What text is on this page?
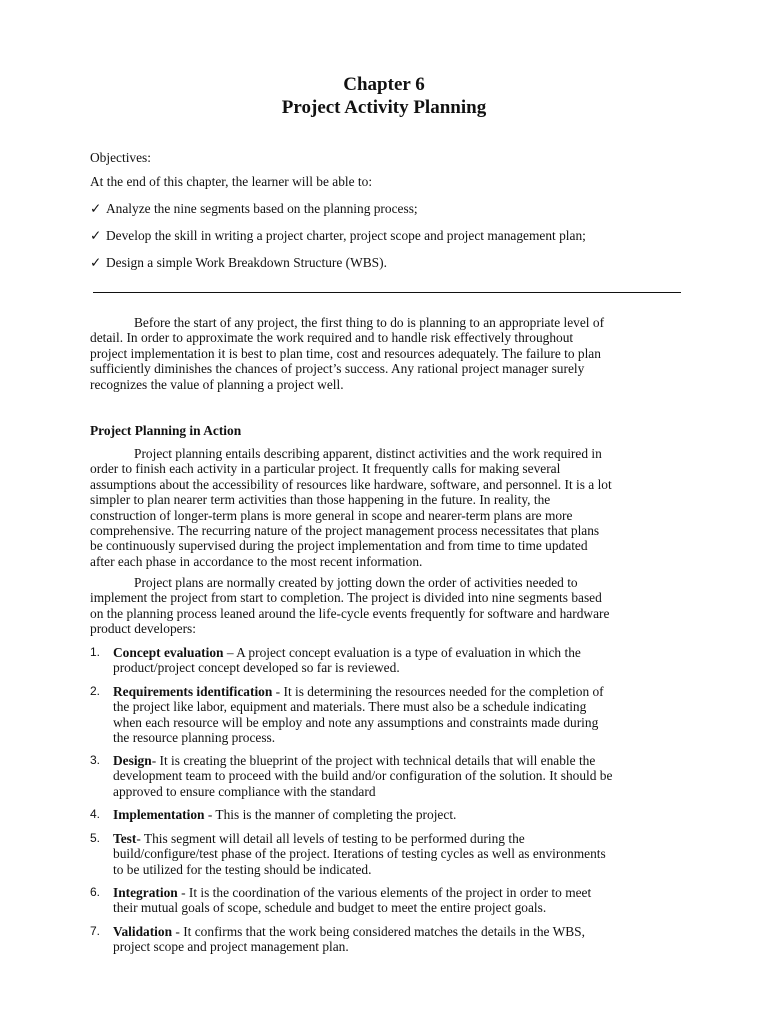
Chapter 6
Project Activity Planning
Objectives:
At the end of this chapter, the learner will be able to:
✓ Analyze the nine segments based on the planning process;
✓ Develop the skill in writing a project charter, project scope and project management plan;
✓ Design a simple Work Breakdown Structure (WBS).
Before the start of any project, the first thing to do is planning to an appropriate level of
detail. In order to approximate the work required and to handle risk effectively throughout
project implementation it is best to plan time, cost and resources adequately. The failure to plan
sufficiently diminishes the chances of project’s success. Any rational project manager surely
recognizes the value of planning a project well.
Project Planning in Action
Project planning entails describing apparent, distinct activities and the work required in
order to finish each activity in a particular project. It frequently calls for making several
assumptions about the accessibility of resources like hardware, software, and personnel. It is a lot
simpler to plan nearer term activities than those happening in the future. In reality, the
construction of longer-term plans is more general in scope and nearer-term plans are more
comprehensive. The recurring nature of the project management process necessitates that plans
be continuously supervised during the project implementation and from time to time updated
after each phase in accordance to the most recent information.
Project plans are normally created by jotting down the order of activities needed to
implement the project from start to completion. The project is divided into nine segments based
on the planning process leaned around the life-cycle events frequently for software and hardware
product developers:
1. Concept evaluation – A project concept evaluation is a type of evaluation in which the
product/project concept developed so far is reviewed.
2. Requirements identification - It is determining the resources needed for the completion of
the project like labor, equipment and materials. There must also be a schedule indicating
when each resource will be employ and note any assumptions and constraints made during
the resource planning process.
3. Design- It is creating the blueprint of the project with technical details that will enable the
development team to proceed with the build and/or configuration of the solution. It should be
approved to ensure compliance with the standard
4. Implementation - This is the manner of completing the project.
5. Test- This segment will detail all levels of testing to be performed during the
build/configure/test phase of the project. Iterations of testing cycles as well as environments
to be utilized for the testing should be indicated.
6. Integration - It is the coordination of the various elements of the project in order to meet
their mutual goals of scope, schedule and budget to meet the entire project goals.
7. Validation - It confirms that the work being considered matches the details in the WBS,
project scope and project management plan.
